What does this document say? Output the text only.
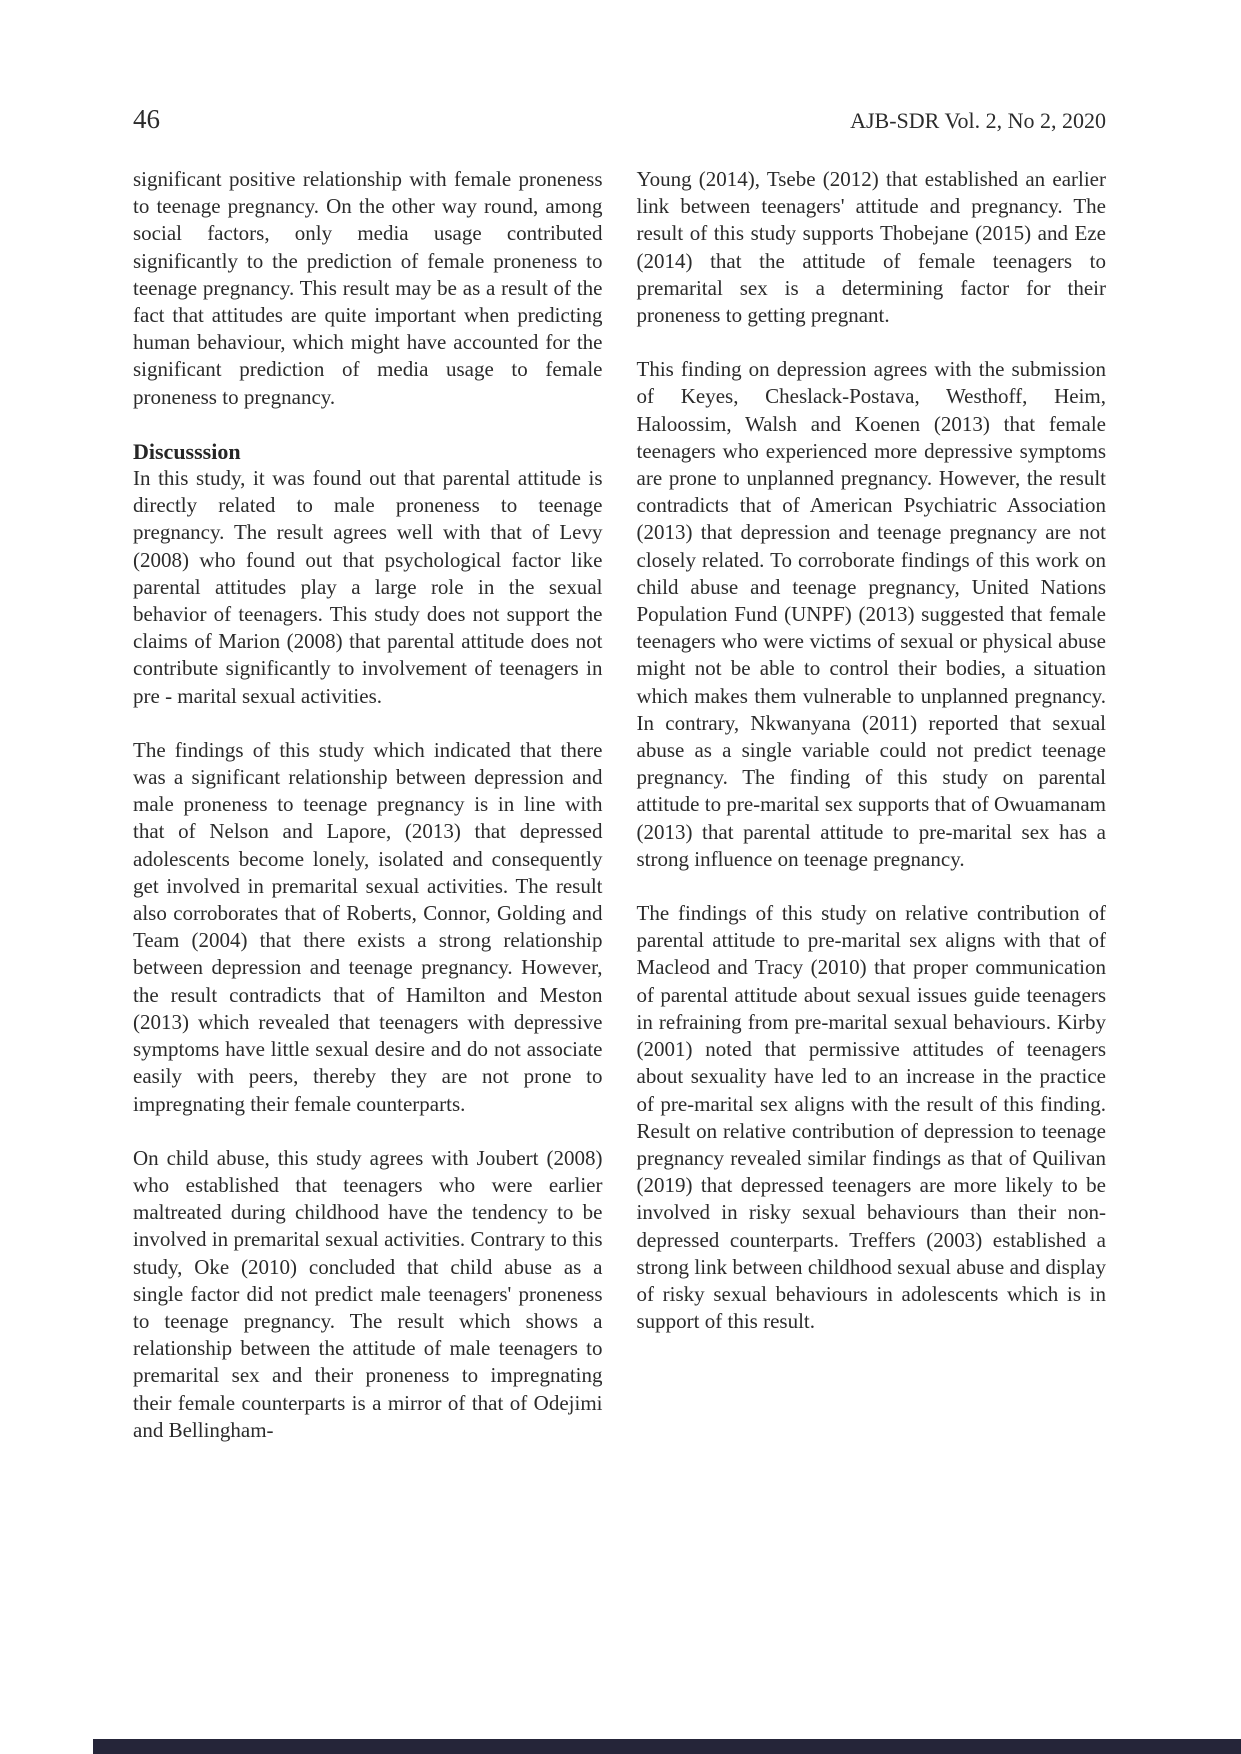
46	AJB-SDR Vol. 2, No 2, 2020

significant positive relationship with female proneness to teenage pregnancy. On the other way round, among social factors, only media usage contributed significantly to the prediction of female proneness to teenage pregnancy. This result may be as a result of the fact that attitudes are quite important when predicting human behaviour, which might have accounted for the significant prediction of media usage to female proneness to pregnancy.

Discusssion

In this study, it was found out that parental attitude is directly related to male proneness to teenage pregnancy. The result agrees well with that of Levy (2008) who found out that psychological factor like parental attitudes play a large role in the sexual behavior of teenagers. This study does not support the claims of Marion (2008) that parental attitude does not contribute significantly to involvement of teenagers in pre - marital sexual activities.

The findings of this study which indicated that there was a significant relationship between depression and male proneness to teenage pregnancy is in line with that of Nelson and Lapore, (2013) that depressed adolescents become lonely, isolated and consequently get involved in premarital sexual activities. The result also corroborates that of Roberts, Connor, Golding and Team (2004) that there exists a strong relationship between depression and teenage pregnancy. However, the result contradicts that of Hamilton and Meston (2013) which revealed that teenagers with depressive symptoms have little sexual desire and do not associate easily with peers, thereby they are not prone to impregnating their female counterparts.

On child abuse, this study agrees with Joubert (2008) who established that teenagers who were earlier maltreated during childhood have the tendency to be involved in premarital sexual activities. Contrary to this study, Oke (2010) concluded that child abuse as a single factor did not predict male teenagers' proneness to teenage pregnancy. The result which shows a relationship between the attitude of male teenagers to premarital sex and their proneness to impregnating their female counterparts is a mirror of that of Odejimi and Bellingham-

Young (2014), Tsebe (2012) that established an earlier link between teenagers' attitude and pregnancy. The result of this study supports Thobejane (2015) and Eze (2014) that the attitude of female teenagers to premarital sex is a determining factor for their proneness to getting pregnant.

This finding on depression agrees with the submission of Keyes, Cheslack-Postava, Westhoff, Heim, Haloossim, Walsh and Koenen (2013) that female teenagers who experienced more depressive symptoms are prone to unplanned pregnancy. However, the result contradicts that of American Psychiatric Association (2013) that depression and teenage pregnancy are not closely related. To corroborate findings of this work on child abuse and teenage pregnancy, United Nations Population Fund (UNPF) (2013) suggested that female teenagers who were victims of sexual or physical abuse might not be able to control their bodies, a situation which makes them vulnerable to unplanned pregnancy. In contrary, Nkwanyana (2011) reported that sexual abuse as a single variable could not predict teenage pregnancy. The finding of this study on parental attitude to pre-marital sex supports that of Owuamanam (2013) that parental attitude to pre-marital sex has a strong influence on teenage pregnancy.

The findings of this study on relative contribution of parental attitude to pre-marital sex aligns with that of Macleod and Tracy (2010) that proper communication of parental attitude about sexual issues guide teenagers in refraining from pre-marital sexual behaviours. Kirby (2001) noted that permissive attitudes of teenagers about sexuality have led to an increase in the practice of pre-marital sex aligns with the result of this finding. Result on relative contribution of depression to teenage pregnancy revealed similar findings as that of Quilivan (2019) that depressed teenagers are more likely to be involved in risky sexual behaviours than their non-depressed counterparts. Treffers (2003) established a strong link between childhood sexual abuse and display of risky sexual behaviours in adolescents which is in support of this result.
